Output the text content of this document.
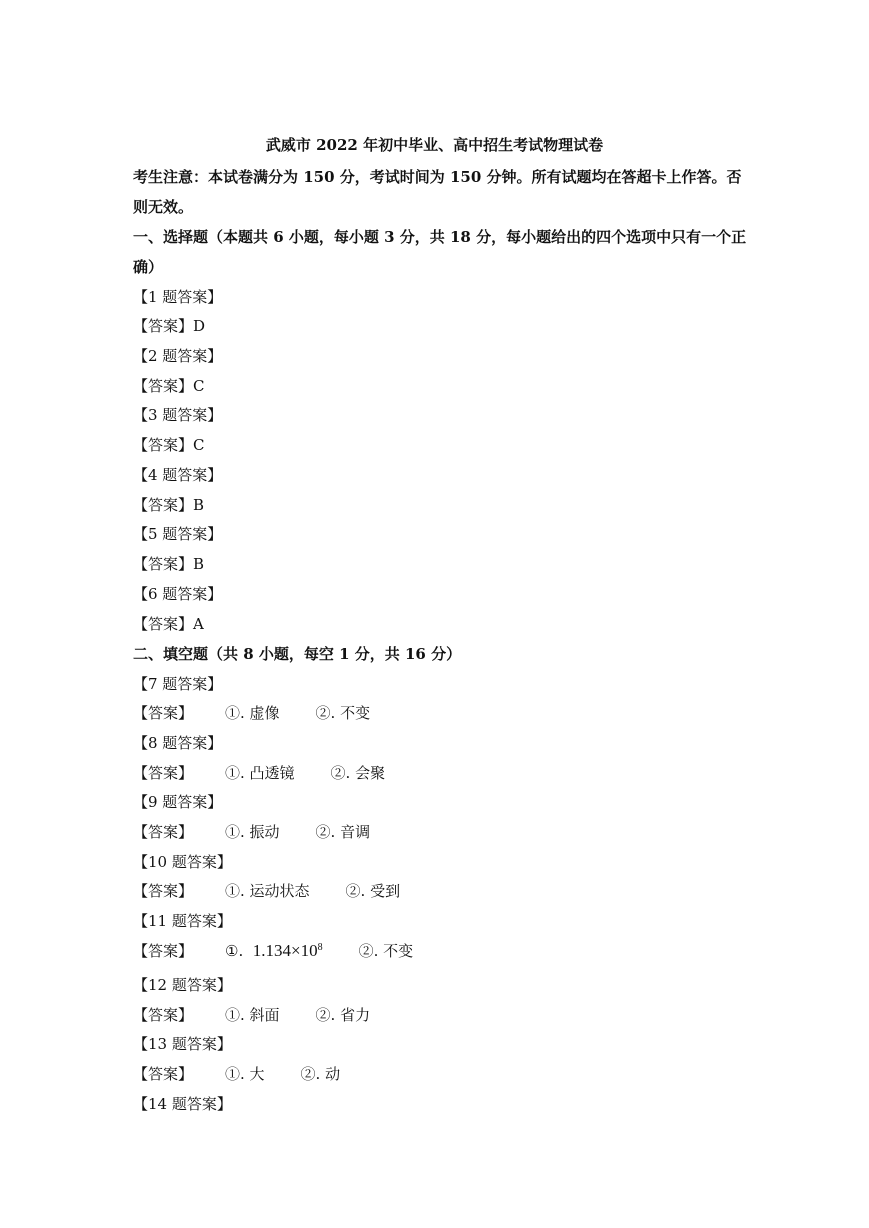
武威市 2022 年初中毕业、高中招生考试物理试卷
考生注意：本试卷满分为 150 分，考试时间为 150 分钟。所有试题均在答超卡上作答。否
则无效。
一、选择题（本题共 6 小题，每小题 3 分，共 18 分，每小题给出的四个选项中只有一个正
确）
【1 题答案】
【答案】D
【2 题答案】
【答案】C
【3 题答案】
【答案】C
【4 题答案】
【答案】B
【5 题答案】
【答案】B
【6 题答案】
【答案】A
二、填空题（共 8 小题，每空 1 分，共 16 分）
【7 题答案】
【答案】 ①. 虚像 ②. 不变
【8 题答案】
【答案】 ①. 凸透镜 ②. 会聚
【9 题答案】
【答案】 ①. 振动 ②. 音调
【10 题答案】
【答案】 ①. 运动状态 ②. 受到
【11 题答案】
【答案】 ①. $1.134\times 10^8$ ②. 不变
【12 题答案】
【答案】 ①. 斜面 ②. 省力
【13 题答案】
【答案】 ①. 大 ②. 动
【14 题答案】
